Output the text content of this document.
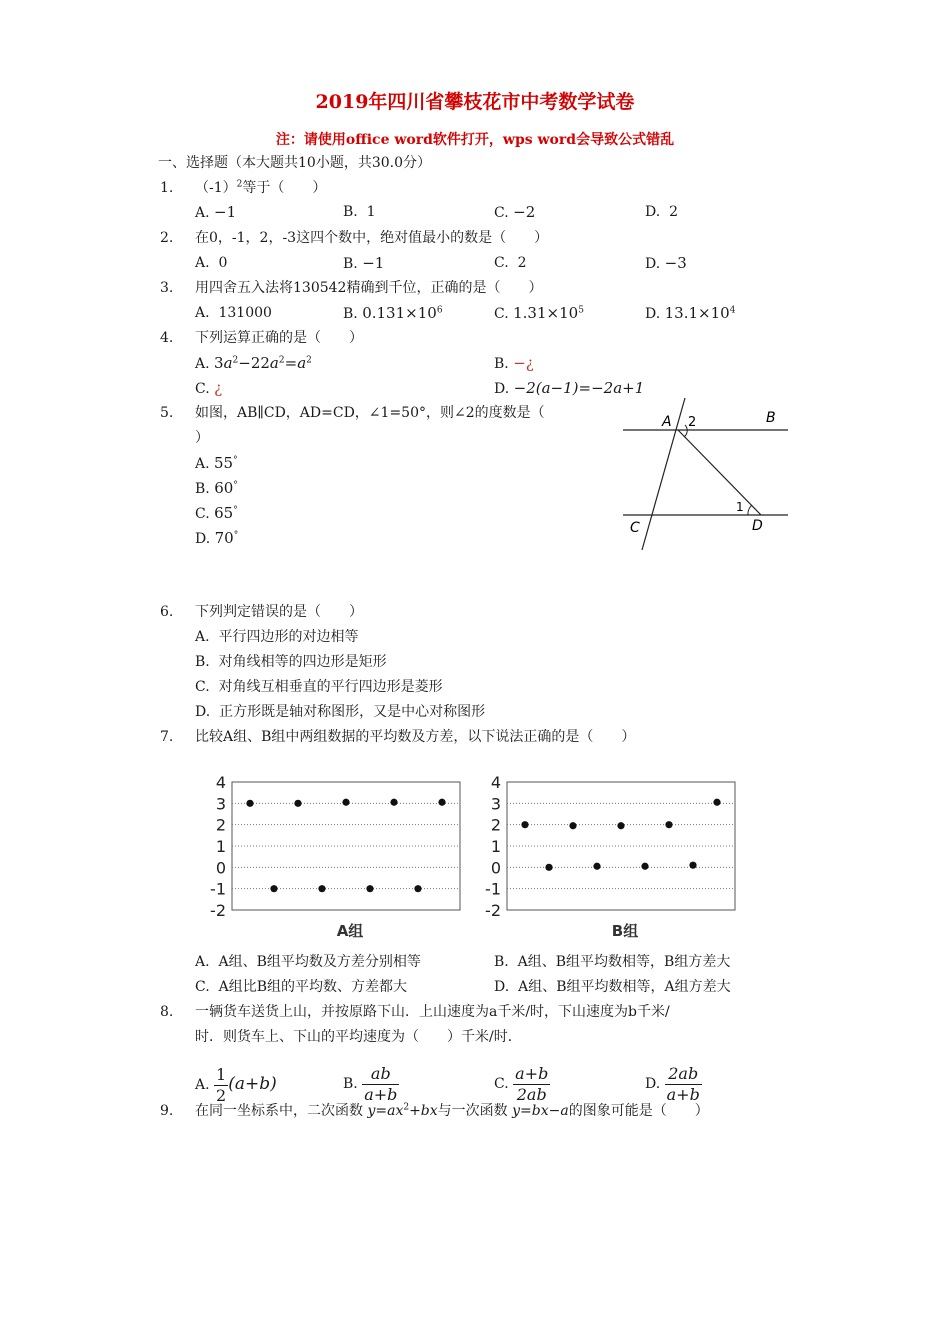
2019年四川省攀枝花市中考数学试卷
注：请使用office word软件打开，wps word会导致公式错乱
一、选择题（本大题共10小题，共30.0分）
1. $(-1)^2$等于（　　）
A. −1	B. 1	C. −2	D. 2
2. 在0，-1，2，-3这四个数中，绝对值最小的数是（　　）
A. 0	B. −1	C. 2	D. −3
3. 用四舍五入法将130542精确到千位，正确的是（　　）
A. 131000	B. $0.131\times 10^6$	C. $1.31\times 10^5$	D. $13.1\times 10^4$
4. 下列运算正确的是（　　）
A. $3a^2-22a^2=a^2$	B. −¿
C. ¿	D. −2(a−1)=−2a+1
5. 如图，AB∥CD，AD=CD，∠1=50°，则∠2的度数是（
）
A. 55°
B. 60°
C. 65°
D. 70°
A 2	B
C
1
D
6. 下列判定错误的是（　　）
A. 平行四边形的对边相等
B. 对角线相等的四边形是矩形
C. 对角线互相垂直的平行四边形是菱形
D. 正方形既是轴对称图形，又是中心对称图形
7. 比较A组、B组中两组数据的平均数及方差，以下说法正确的是（　　）
4
3
2
1
0
-1
-2
A组
4
3
2
1
0
-1
-2
B组
A. A组、B组平均数及方差分别相等	B. A组、B组平均数相等，B组方差大
C. A组比B组的平均数、方差都大	D. A组、B组平均数相等，A组方差大
8. 一辆货车送货上山，并按原路下山．上山速度为a千米/时，下山速度为b千米/
时．则货车上、下山的平均速度为（　　）千米/时．
A. $\frac{1}{2} (a+b)$	B. $\frac{ab}{a+b}$	C. $\frac{a+b}{2ab}$	D. $\frac{2ab}{a+b}$
9. 在同一坐标系中，二次函数 $y=ax^2+bx$与一次函数 y=bx−a的图象可能是（　　）
